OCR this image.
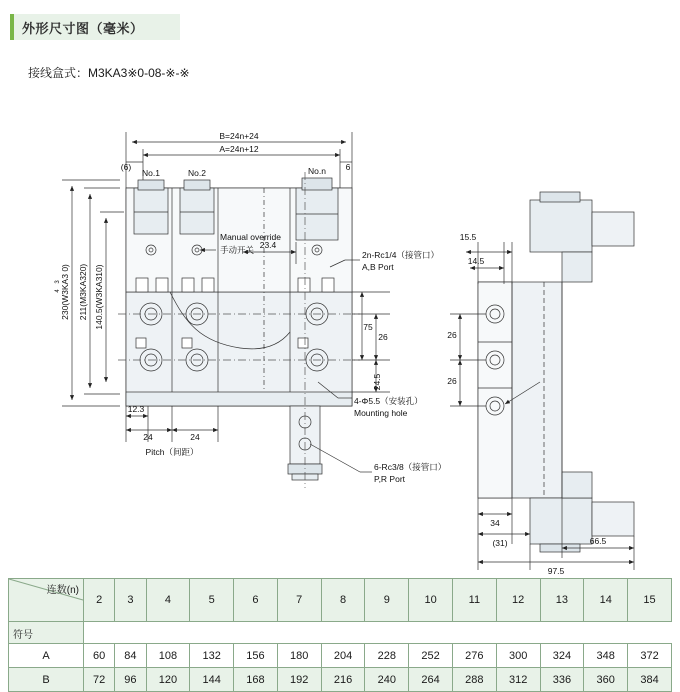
外形尺寸图（毫米）
接线盒式：M3KA3※0-08-※-※
B=24n+24
A=24n+12
(6)	6
No.1	No.2	No.n
Manual override
手动开关 23.4
2n-Rc1/4（接管口）
A,B Port
4-Φ5.5（安装孔）
Mounting hole
6-Rc3/8（接管口）
P,R Port
230(W3KA3 0)
3
4 211(M3KA320) 140.5(W3KA310)
12.3
24	24
Pitch（间距）
75
26
24.5
15.5
14.5
26
26
34
(31)	66.5
97.5
连数(n)	2	3	4	5	6	7	8	9	10	11	12	13	14	15

符号														

A	60	84	108	132	156	180	204	228	252	276	300	324	348	372
B	72	96	120	144	168	192	216	240	264	288	312	336	360	384
